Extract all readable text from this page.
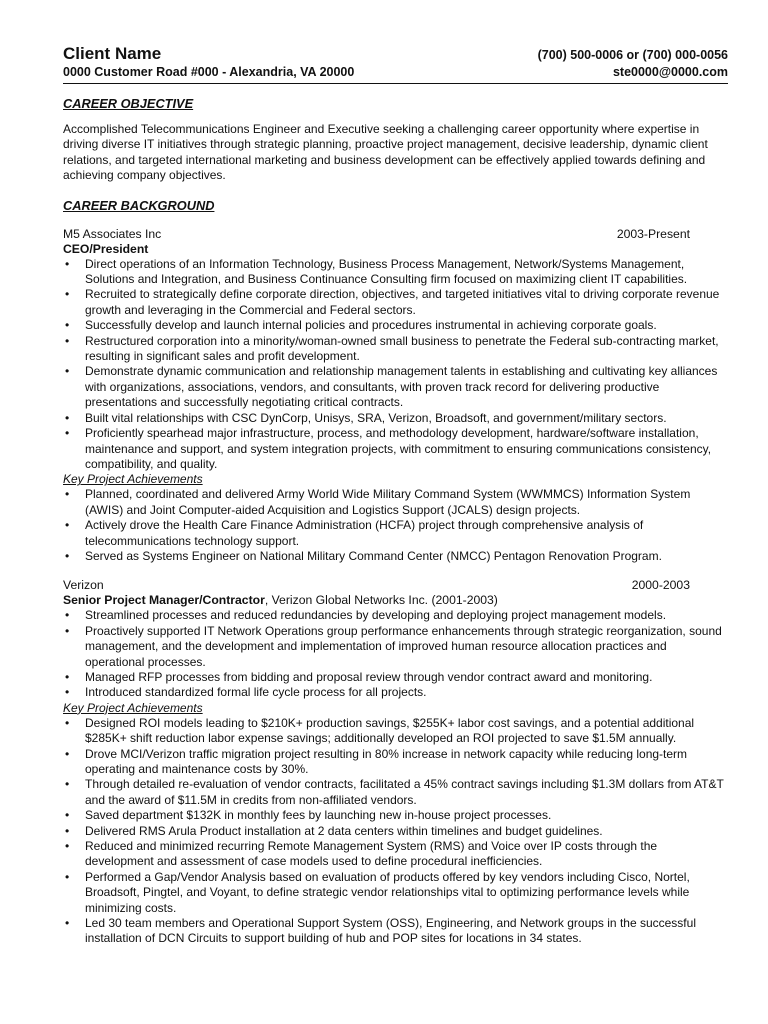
Client Name	(700) 500-0006 or (700) 000-0056
0000 Customer Road #000 - Alexandria, VA 20000	ste0000@0000.com
CAREER OBJECTIVE

Accomplished Telecommunications Engineer and Executive seeking a challenging career opportunity where expertise in driving diverse IT initiatives through strategic planning, proactive project management, decisive leadership, dynamic client relations, and targeted international marketing and business development can be effectively applied towards defining and achieving company objectives.

CAREER BACKGROUND
M5 Associates Inc	2003-Present
CEO/President
• Direct operations of an Information Technology, Business Process Management, Network/Systems Management, Solutions and Integration, and Business Continuance Consulting firm focused on maximizing client IT capabilities.
• Recruited to strategically define corporate direction, objectives, and targeted initiatives vital to driving corporate revenue growth and leveraging in the Commercial and Federal sectors.
• Successfully develop and launch internal policies and procedures instrumental in achieving corporate goals.
• Restructured corporation into a minority/woman-owned small business to penetrate the Federal sub-contracting market, resulting in significant sales and profit development.
• Demonstrate dynamic communication and relationship management talents in establishing and cultivating key alliances with organizations, associations, vendors, and consultants, with proven track record for delivering productive presentations and successfully negotiating critical contracts.
• Built vital relationships with CSC DynCorp, Unisys, SRA, Verizon, Broadsoft, and government/military sectors.
• Proficiently spearhead major infrastructure, process, and methodology development, hardware/software installation, maintenance and support, and system integration projects, with commitment to ensuring communications consistency, compatibility, and quality.
Key Project Achievements
• Planned, coordinated and delivered Army World Wide Military Command System (WWMMCS) Information System (AWIS) and Joint Computer-aided Acquisition and Logistics Support (JCALS) design projects.
• Actively drove the Health Care Finance Administration (HCFA) project through comprehensive analysis of telecommunications technology support.
• Served as Systems Engineer on National Military Command Center (NMCC) Pentagon Renovation Program.
Verizon	2000-2003
Senior Project Manager/Contractor, Verizon Global Networks Inc. (2001-2003)
• Streamlined processes and reduced redundancies by developing and deploying project management models.
• Proactively supported IT Network Operations group performance enhancements through strategic reorganization, sound management, and the development and implementation of improved human resource allocation practices and operational processes.
• Managed RFP processes from bidding and proposal review through vendor contract award and monitoring.
• Introduced standardized formal life cycle process for all projects.
Key Project Achievements
• Designed ROI models leading to $210K+ production savings, $255K+ labor cost savings, and a potential additional $285K+ shift reduction labor expense savings; additionally developed an ROI projected to save $1.5M annually.
• Drove MCI/Verizon traffic migration project resulting in 80% increase in network capacity while reducing long-term operating and maintenance costs by 30%.
• Through detailed re-evaluation of vendor contracts, facilitated a 45% contract savings including $1.3M dollars from AT&T and the award of $11.5M in credits from non-affiliated vendors.
• Saved department $132K in monthly fees by launching new in-house project processes.
• Delivered RMS Arula Product installation at 2 data centers within timelines and budget guidelines.
• Reduced and minimized recurring Remote Management System (RMS) and Voice over IP costs through the development and assessment of case models used to define procedural inefficiencies.
• Performed a Gap/Vendor Analysis based on evaluation of products offered by key vendors including Cisco, Nortel, Broadsoft, Pingtel, and Voyant, to define strategic vendor relationships vital to optimizing performance levels while minimizing costs.
• Led 30 team members and Operational Support System (OSS), Engineering, and Network groups in the successful installation of DCN Circuits to support building of hub and POP sites for locations in 34 states.
